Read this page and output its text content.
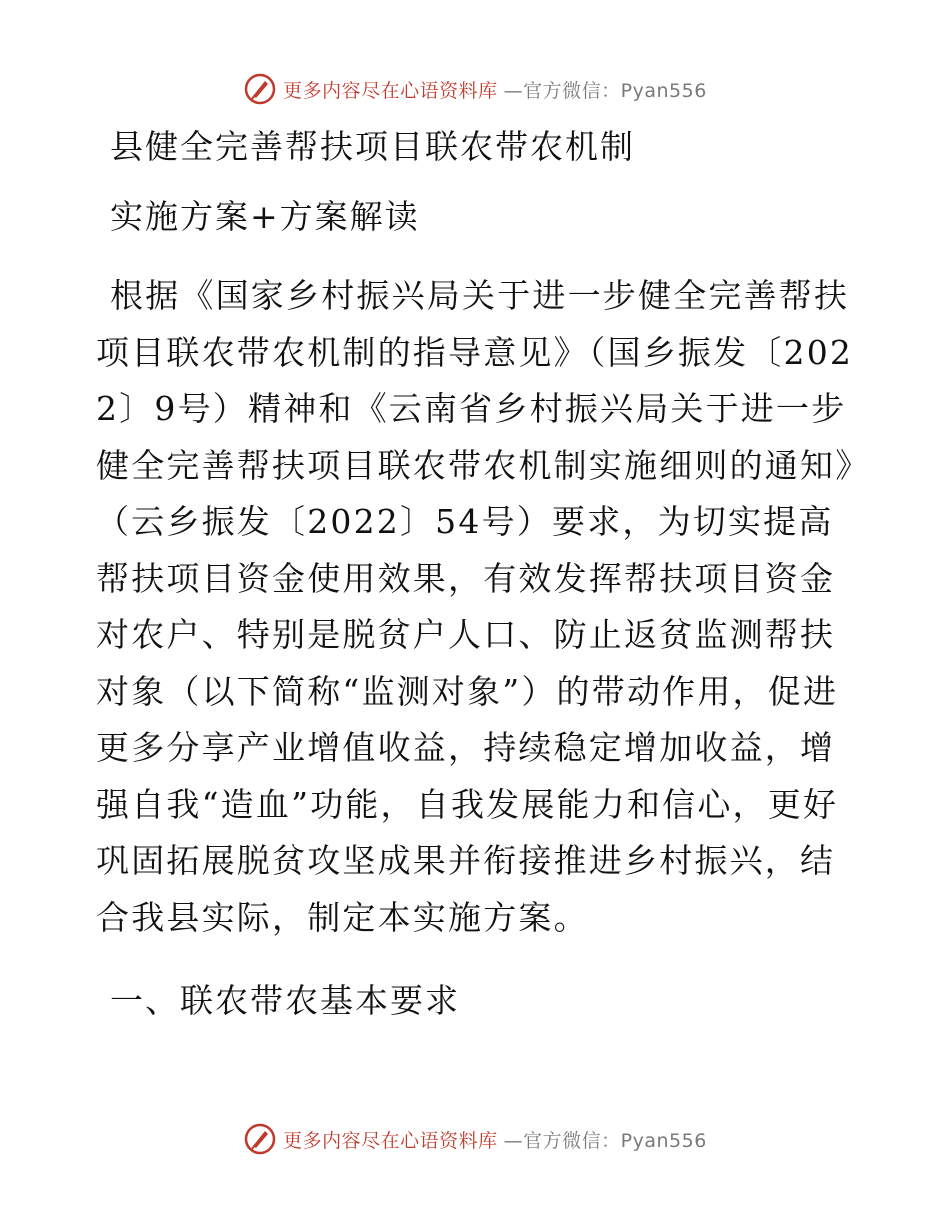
更多内容尽在心语资料库 —官方微信：Pyan556
县健全完善帮扶项目联农带农机制
实施方案+方案解读

根据《国家乡村振兴局关于进一步健全完善帮扶项目联农带农机制的指导意见》（国乡振发〔2022〕9号）精神和《云南省乡村振兴局关于进一步健全完善帮扶项目联农带农机制实施细则的通知》（云乡振发〔2022〕54号）要求，为切实提高帮扶项目资金使用效果，有效发挥帮扶项目资金对农户、特别是脱贫户人口、防止返贫监测帮扶对象（以下简称“监测对象”）的带动作用，促进更多分享产业增值收益，持续稳定增加收益，增强自我“造血”功能，自我发展能力和信心，更好巩固拓展脱贫攻坚成果并衔接推进乡村振兴，结合我县实际，制定本实施方案。

一、联农带农基本要求
更多内容尽在心语资料库 —官方微信：Pyan556
